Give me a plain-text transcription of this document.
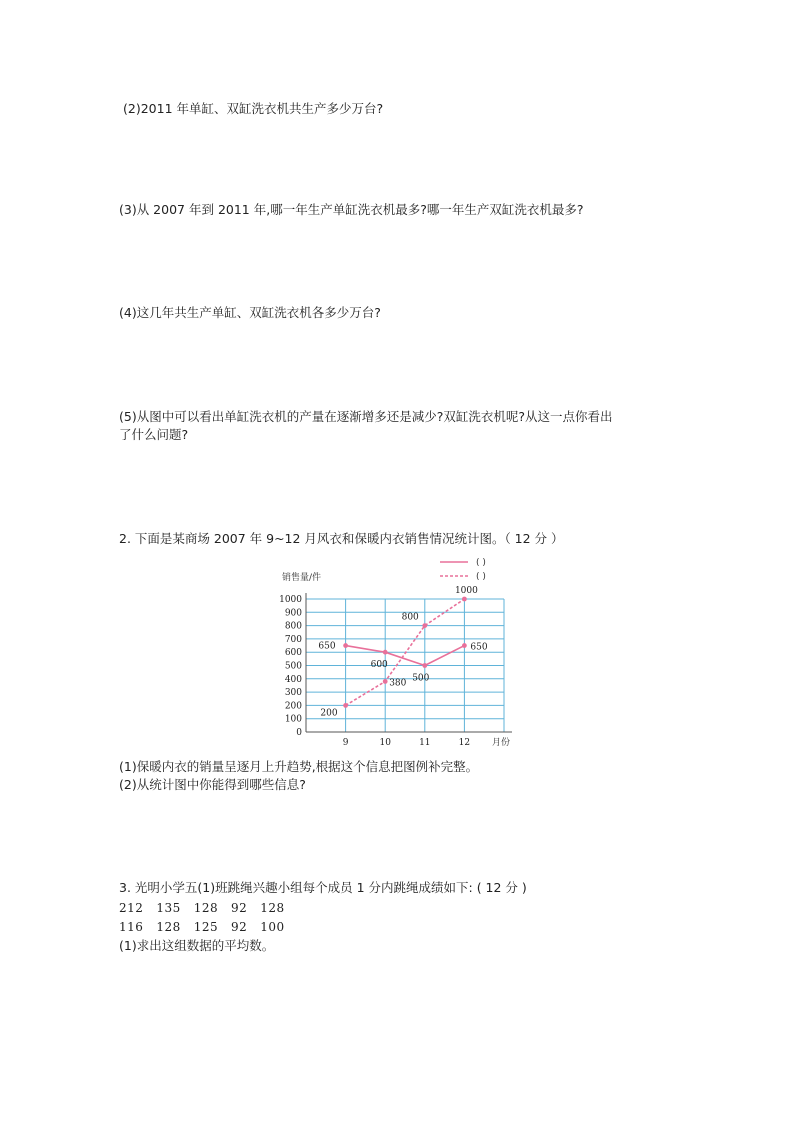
(2)2011 年单缸、双缸洗衣机共生产多少万台?
(3)从 2007 年到 2011 年,哪一年生产单缸洗衣机最多?哪一年生产双缸洗衣机最多?
(4)这几年共生产单缸、双缸洗衣机各多少万台?
(5)从图中可以看出单缸洗衣机的产量在逐渐增多还是减少?双缸洗衣机呢?从这一点你看出
了什么问题?
2. 下面是某商场 2007 年 9~12 月风衣和保暖内衣销售情况统计图。（ 12 分 ）
0
100
200
300
400
500
600
700
800
900
1000
9	10	11	12
销售量/件
月份
( )
( )
650
600
500
650
200
380
800
1000
(1)保暖内衣的销量呈逐月上升趋势,根据这个信息把图例补完整。
(2)从统计图中你能得到哪些信息?
3. 光明小学五(1)班跳绳兴趣小组每个成员 1 分内跳绳成绩如下: ( 12 分 )
212   135   128   92   128
116   128   125   92   100
(1)求出这组数据的平均数。
